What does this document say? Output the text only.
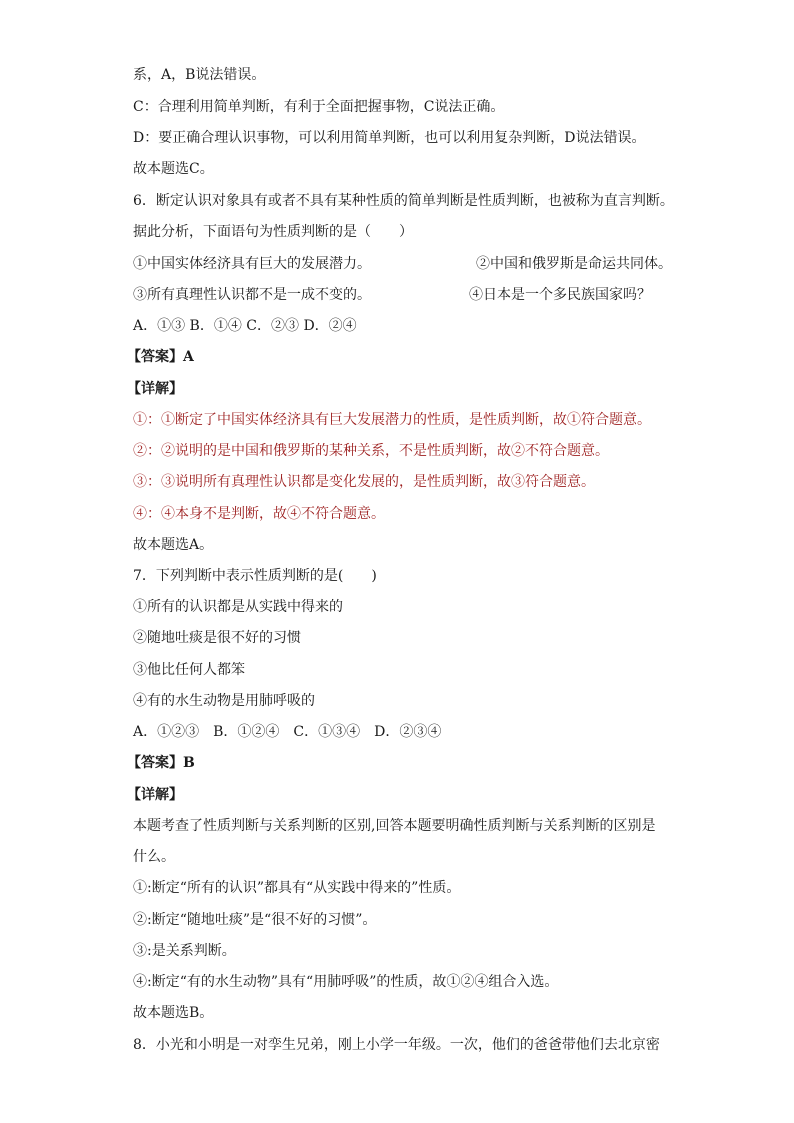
系，A，B说法错误。
C：合理利用简单判断，有利于全面把握事物，C说法正确。
D：要正确合理认识事物，可以利用简单判断，也可以利用复杂判断，D说法错误。
故本题选C。
6．断定认识对象具有或者不具有某种性质的简单判断是性质判断，也被称为直言判断。
据此分析，下面语句为性质判断的是（　　）
①中国实体经济具有巨大的发展潜力。	②中国和俄罗斯是命运共同体。
③所有真理性认识都不是一成不变的。	④日本是一个多民族国家吗？
A．①③ B．①④ C．②③ D．②④
【答案】A
【详解】
①：①断定了中国实体经济具有巨大发展潜力的性质，是性质判断，故①符合题意。
②：②说明的是中国和俄罗斯的某种关系，不是性质判断，故②不符合题意。
③：③说明所有真理性认识都是变化发展的，是性质判断，故③符合题意。
④：④本身不是判断，故④不符合题意。
故本题选A。
7．下列判断中表示性质判断的是(　　)
①所有的认识都是从实践中得来的
②随地吐痰是很不好的习惯
③他比任何人都笨
④有的水生动物是用肺呼吸的
A．①②③　B．①②④　C．①③④　D．②③④
【答案】B
【详解】
本题考查了性质判断与关系判断的区别,回答本题要明确性质判断与关系判断的区别是
什么。
①:断定“所有的认识”都具有“从实践中得来的”性质。
②:断定“随地吐痰”是“很不好的习惯”。
③:是关系判断。
④:断定“有的水生动物”具有“用肺呼吸”的性质，故①②④组合入选。
故本题选B。
8．小光和小明是一对孪生兄弟，刚上小学一年级。一次，他们的爸爸带他们去北京密
